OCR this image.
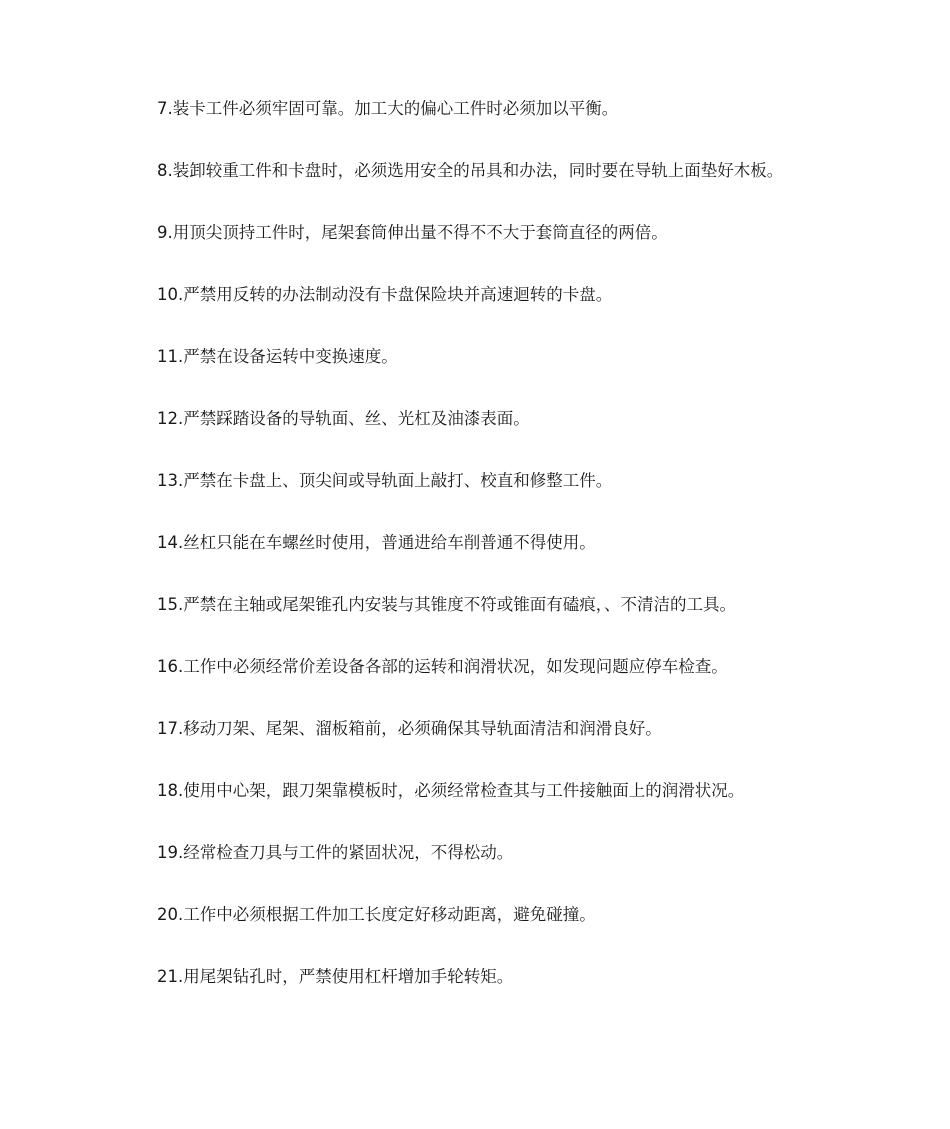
7.装卡工件必须牢固可靠。加工大的偏心工件时必须加以平衡。
8.装卸较重工件和卡盘时，必须选用安全的吊具和办法，同时要在导轨上面垫好木板。
9.用顶尖顶持工件时，尾架套筒伸出量不得不不大于套筒直径的两倍。
10.严禁用反转的办法制动没有卡盘保险块并高速迴转的卡盘。
11.严禁在设备运转中变换速度。
12.严禁踩踏设备的导轨面、丝、光杠及油漆表面。
13.严禁在卡盘上、顶尖间或导轨面上敲打、校直和修整工件。
14.丝杠只能在车螺丝时使用，普通进给车削普通不得使用。
15.严禁在主轴或尾架锥孔内安装与其锥度不符或锥面有磕痕，、不清洁的工具。
16.工作中必须经常价差设备各部的运转和润滑状况，如发现问题应停车检查。
17.移动刀架、尾架、溜板箱前，必须确保其导轨面清洁和润滑良好。
18.使用中心架，跟刀架靠模板时，必须经常检查其与工件接触面上的润滑状况。
19.经常检查刀具与工件的紧固状况，不得松动。
20.工作中必须根据工件加工长度定好移动距离，避免碰撞。
21.用尾架钻孔时，严禁使用杠杆增加手轮转矩。
